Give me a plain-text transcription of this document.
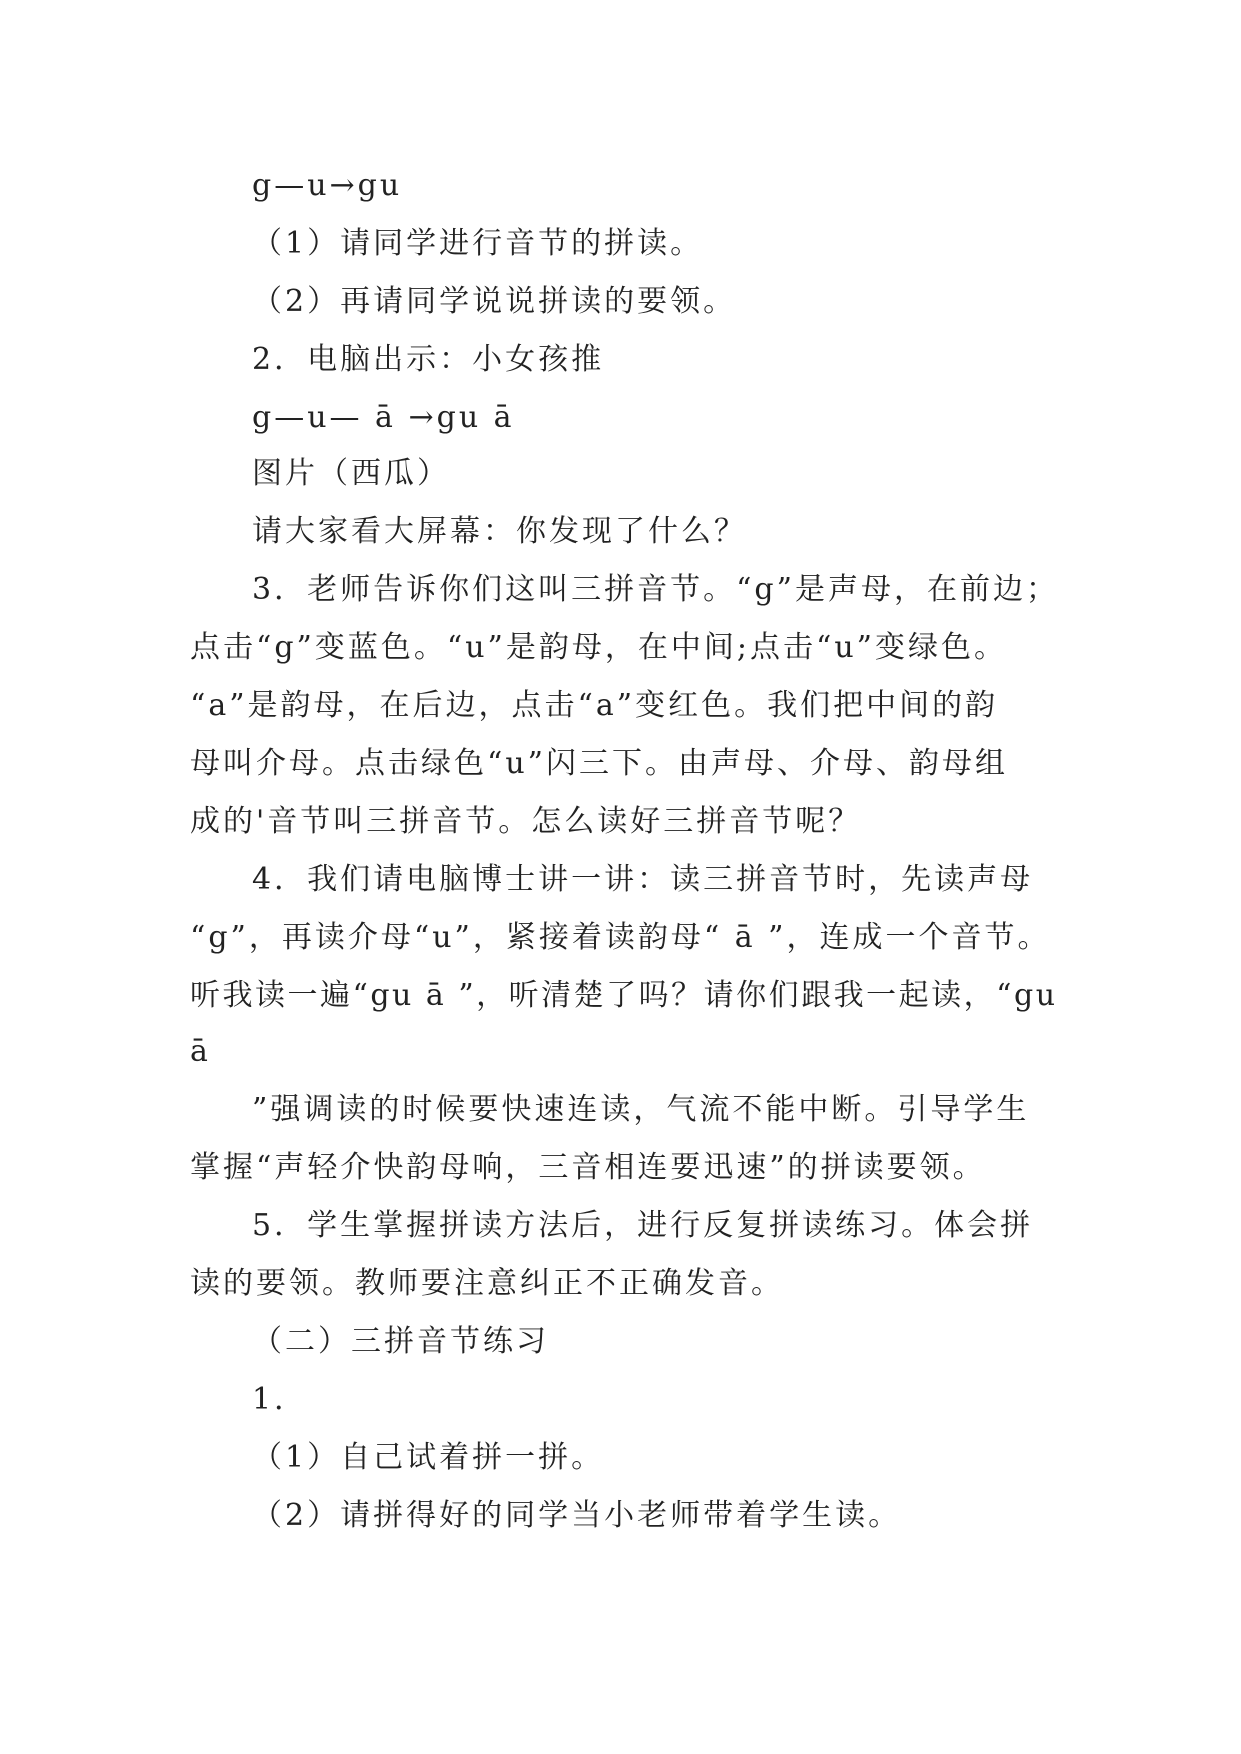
g—u→gu
（1）请同学进行音节的拼读。
（2）再请同学说说拼读的要领。
2．电脑出示：小女孩推
g—u— ā →gu ā
图片（西瓜）
请大家看大屏幕：你发现了什么？
3．老师告诉你们这叫三拼音节。“g”是声母，在前边；
点击“g”变蓝色。“u”是韵母，在中间;点击“u”变绿色。
“a”是韵母，在后边，点击“a”变红色。我们把中间的韵
母叫介母。点击绿色“u”闪三下。由声母、介母、韵母组
成的'音节叫三拼音节。怎么读好三拼音节呢？
4．我们请电脑博士讲一讲：读三拼音节时，先读声母
“g”，再读介母“u”，紧接着读韵母“ ā ”，连成一个音节。
听我读一遍“gu ā ”，听清楚了吗？请你们跟我一起读，“gu
ā
”强调读的时候要快速连读，气流不能中断。引导学生
掌握“声轻介快韵母响，三音相连要迅速”的拼读要领。
5．学生掌握拼读方法后，进行反复拼读练习。体会拼
读的要领。教师要注意纠正不正确发音。
（二）三拼音节练习
1．
（1）自己试着拼一拼。
（2）请拼得好的同学当小老师带着学生读。
